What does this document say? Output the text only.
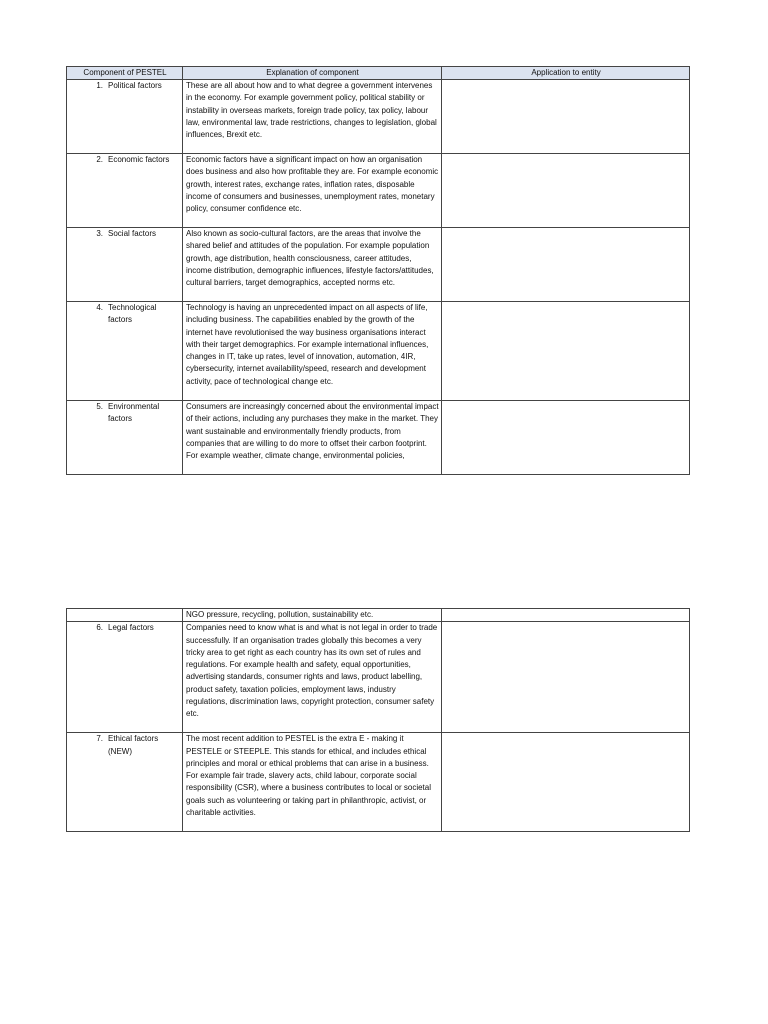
Component of PESTEL	Explanation of component	Application to entity

1. Political factors	These are all about how and to what degree a government intervenes in the economy. For example government policy, political stability or instability in overseas markets, foreign trade policy, tax policy, labour law, environmental law, trade restrictions, changes to legislation, global influences, Brexit etc.	

2. Economic factors	Economic factors have a significant impact on how an organisation does business and also how profitable they are. For example economic growth, interest rates, exchange rates, inflation rates, disposable income of consumers and businesses, unemployment rates, monetary policy, consumer confidence etc.	

3. Social factors	Also known as socio-cultural factors, are the areas that involve the shared belief and attitudes of the population. For example population growth, age distribution, health consciousness, career attitudes, income distribution, demographic influences, lifestyle factors/attitudes, cultural barriers, target demographics, accepted norms etc.	

4. Technological factors	Technology is having an unprecedented impact on all aspects of life, including business. The capabilities enabled by the growth of the internet have revolutionised the way business organisations interact with their target demographics. For example international influences, changes in IT, take up rates, level of innovation, automation, 4IR, cybersecurity, internet availability/speed, research and development activity, pace of technological change etc.	

5. Environmental factors	Consumers are increasingly concerned about the environmental impact of their actions, including any purchases they make in the market. They want sustainable and environmentally friendly products, from companies that are willing to do more to offset their carbon footprint. For example weather, climate change, environmental policies,	
	NGO pressure, recycling, pollution, sustainability etc.	

6. Legal factors	Companies need to know what is and what is not legal in order to trade successfully. If an organisation trades globally this becomes a very tricky area to get right as each country has its own set of rules and regulations. For example health and safety, equal opportunities, advertising standards, consumer rights and laws, product labelling, product safety, taxation policies, employment laws, industry regulations, discrimination laws, copyright protection, consumer safety etc.	

7. Ethical factors (NEW)	The most recent addition to PESTEL is the extra E - making it PESTELE or STEEPLE. This stands for ethical, and includes ethical principles and moral or ethical problems that can arise in a business. For example fair trade, slavery acts, child labour, corporate social responsibility (CSR), where a business contributes to local or societal goals such as volunteering or taking part in philanthropic, activist, or charitable activities.	
